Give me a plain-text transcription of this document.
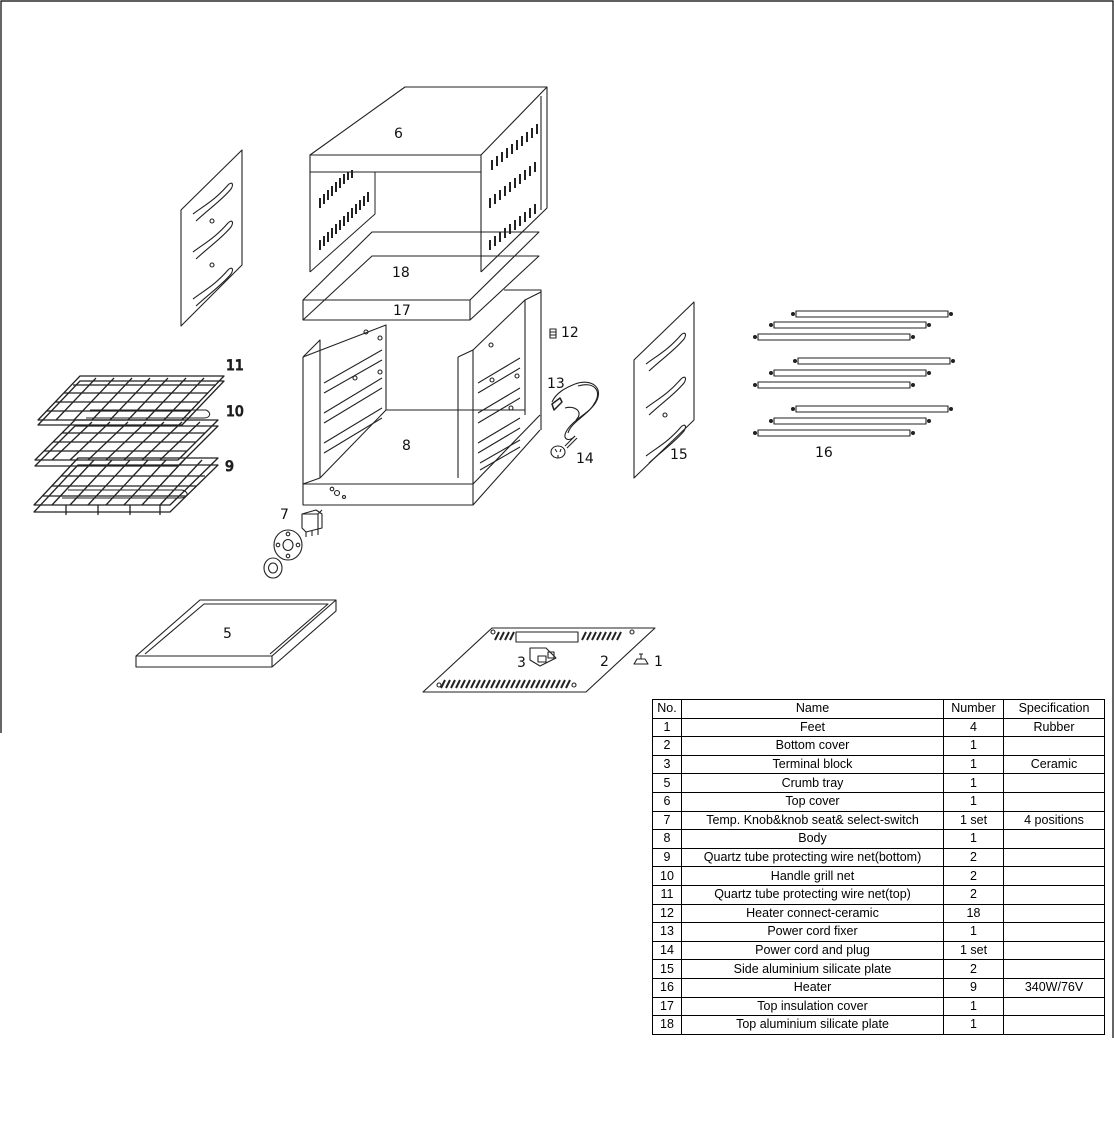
6
18
17
8
15
11
10
9
7
5
2
3	1
12
13
14	16
No.	Name	Number	Specification
1	Feet	4	Rubber
2	Bottom cover	1	
3	Terminal block	1	Ceramic
5	Crumb tray	1	
6	Top cover	1	
7	Temp. Knob&knob seat& select-switch	1 set	4 positions
8	Body	1	
9	Quartz tube protecting wire net(bottom)	2	
10	Handle grill net	2	
11	Quartz tube protecting wire net(top)	2	
12	Heater connect-ceramic	18	
13	Power cord fixer	1	
14	Power cord and plug	1 set	
15	Side aluminium silicate plate	2	
16	Heater	9	340W/76V
17	Top insulation cover	1	
18	Top aluminium silicate plate	1	
